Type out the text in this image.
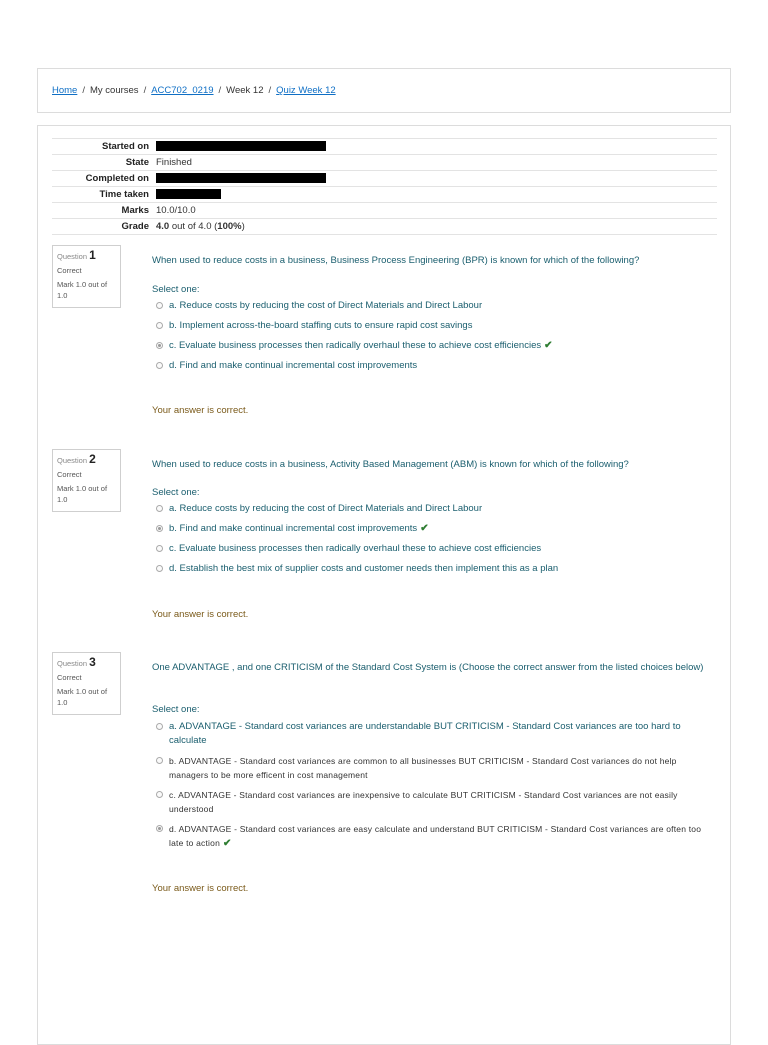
Home / My courses / ACC702_0219 / Week 12 / Quiz Week 12
Started on	
State	Finished
Completed on	
Time taken	
Marks	10.0/10.0
Grade	4.0 out of 4.0 (100%)
Question 1
Correct
Mark 1.0 out of 1.0
When used to reduce costs in a business, Business Process Engineering (BPR) is known for which of the following?
Select one:
a. Reduce costs by reducing the cost of Direct Materials and Direct Labour
b. Implement across-the-board staffing cuts to ensure rapid cost savings
c. Evaluate business processes then radically overhaul these to achieve cost efficiencies ✔
d. Find and make continual incremental cost improvements
Your answer is correct.
Question 2
Correct
Mark 1.0 out of 1.0
When used to reduce costs in a business, Activity Based Management (ABM) is known for which of the following?
Select one:
a. Reduce costs by reducing the cost of Direct Materials and Direct Labour
b. Find and make continual incremental cost improvements ✔
c. Evaluate business processes then radically overhaul these to achieve cost efficiencies
d. Establish the best mix of supplier costs and customer needs then implement this as a plan
Your answer is correct.
Question 3
Correct
Mark 1.0 out of 1.0
One ADVANTAGE , and one CRITICISM of the Standard Cost System is (Choose the correct answer from the listed choices below)
Select one:
a. ADVANTAGE - Standard cost variances are understandable BUT CRITICISM - Standard Cost variances are too hard to calculate
b. ADVANTAGE - Standard cost variances are common to all businesses BUT CRITICISM - Standard Cost variances do not help managers to be more efficent in cost management
c. ADVANTAGE - Standard cost variances are inexpensive to calculate BUT CRITICISM - Standard Cost variances are not easily understood
d. ADVANTAGE - Standard cost variances are easy calculate and understand BUT CRITICISM - Standard Cost variances are often too late to action ✔
Your answer is correct.
